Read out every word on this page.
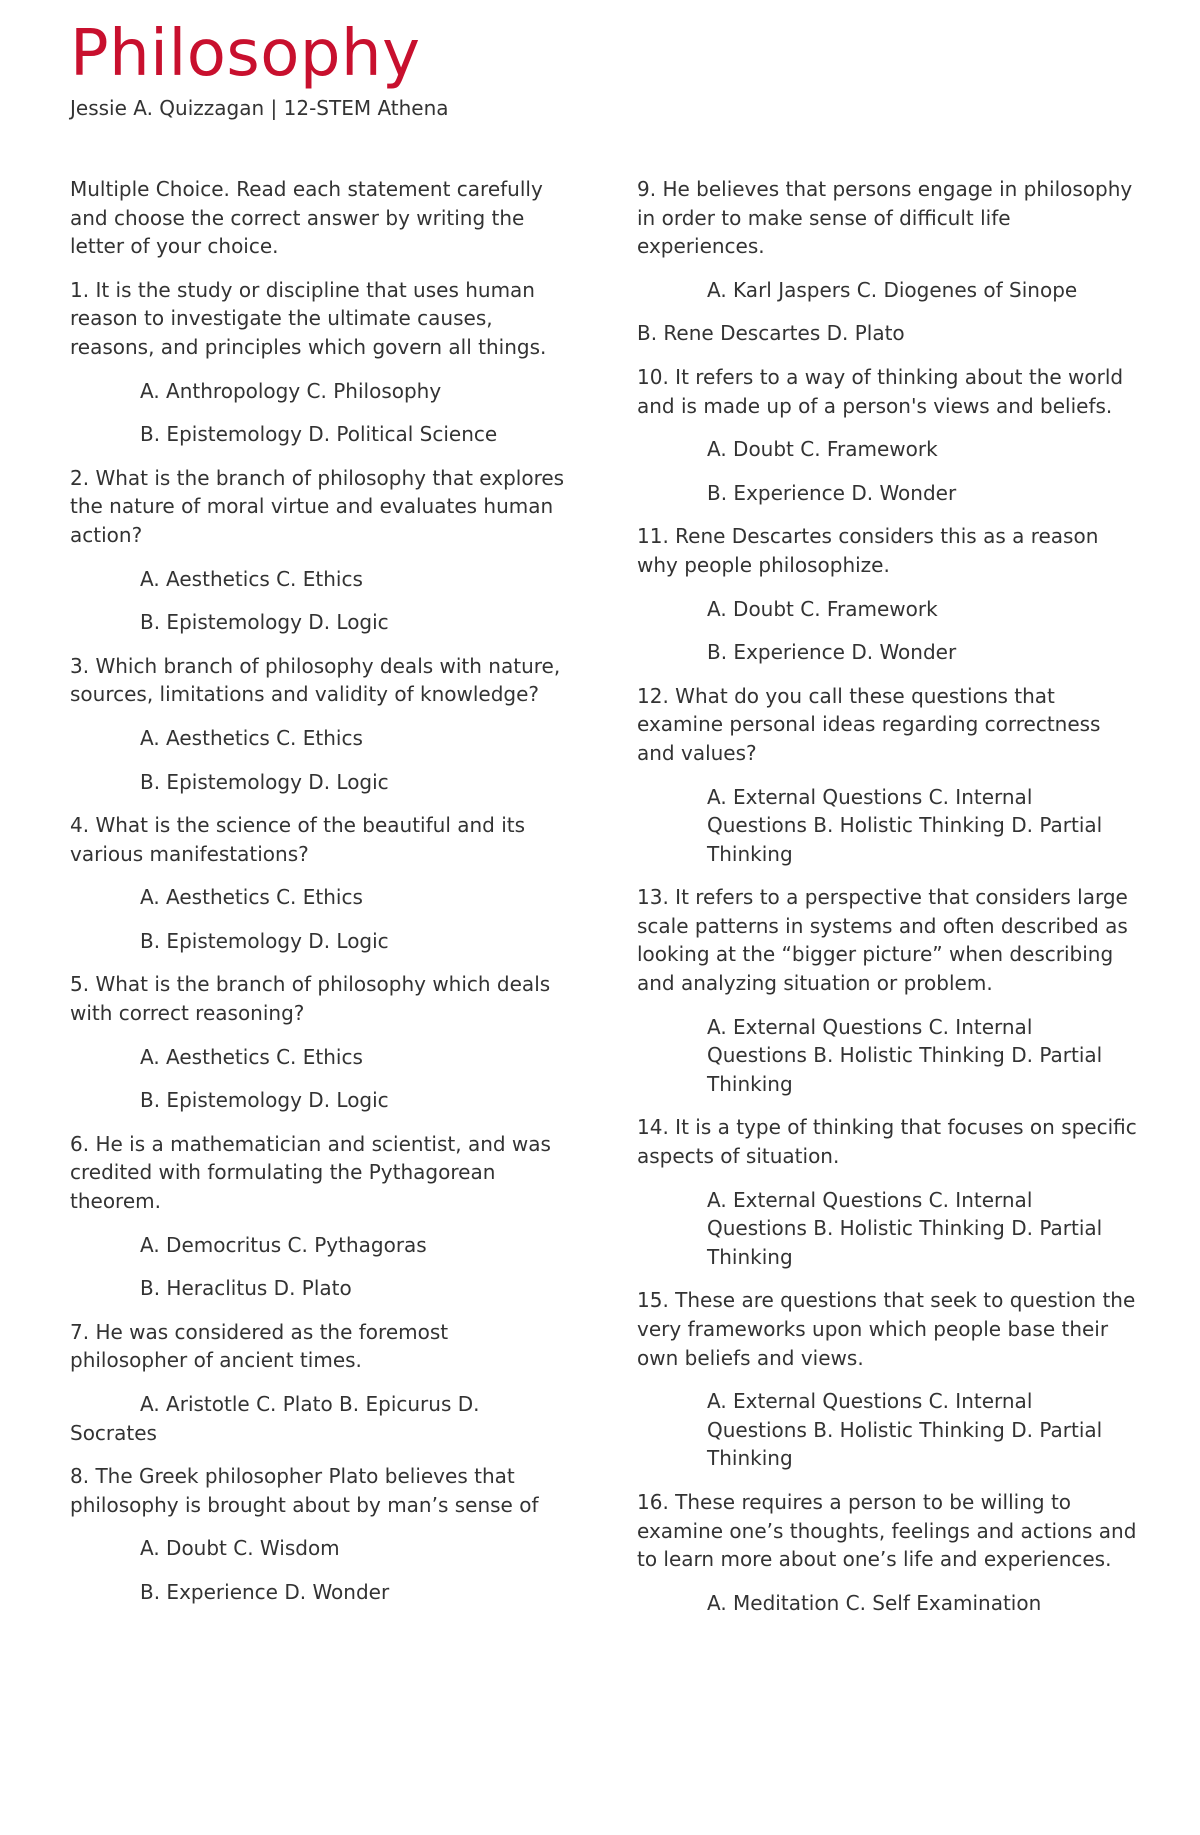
Philosophy
Jessie A. Quizzagan | 12-STEM Athena

Multiple Choice. Read each statement carefully and choose the correct answer by writing the letter of your choice.

1. It is the study or discipline that uses human reason to investigate the ultimate causes, reasons, and principles which govern all things.

A. Anthropology C. Philosophy

B. Epistemology D. Political Science

2. What is the branch of philosophy that explores the nature of moral virtue and evaluates human action?

A. Aesthetics C. Ethics

B. Epistemology D. Logic

3. Which branch of philosophy deals with nature, sources, limitations and validity of knowledge?

A. Aesthetics C. Ethics

B. Epistemology D. Logic

4. What is the science of the beautiful and its various manifestations?

A. Aesthetics C. Ethics

B. Epistemology D. Logic

5. What is the branch of philosophy which deals with correct reasoning?

A. Aesthetics C. Ethics

B. Epistemology D. Logic

6. He is a mathematician and scientist, and was credited with formulating the Pythagorean theorem.

A. Democritus C. Pythagoras

B. Heraclitus D. Plato

7. He was considered as the foremost philosopher of ancient times.

A. Aristotle C. Plato B. Epicurus D. Socrates

8. The Greek philosopher Plato believes that philosophy is brought about by man’s sense of

A. Doubt C. Wisdom

B. Experience D. Wonder

9. He believes that persons engage in philosophy in order to make sense of difficult life experiences.

A. Karl Jaspers C. Diogenes of Sinope

B. Rene Descartes D. Plato

10. It refers to a way of thinking about the world and is made up of a person's views and beliefs.

A. Doubt C. Framework

B. Experience D. Wonder

11. Rene Descartes considers this as a reason why people philosophize.

A. Doubt C. Framework

B. Experience D. Wonder

12. What do you call these questions that examine personal ideas regarding correctness and values?

A. External Questions C. Internal Questions B. Holistic Thinking D. Partial Thinking

13. It refers to a perspective that considers large scale patterns in systems and often described as looking at the “bigger picture” when describing and analyzing situation or problem.

A. External Questions C. Internal Questions B. Holistic Thinking D. Partial Thinking

14. It is a type of thinking that focuses on specific aspects of situation.

A. External Questions C. Internal Questions B. Holistic Thinking D. Partial Thinking

15. These are questions that seek to question the very frameworks upon which people base their own beliefs and views.

A. External Questions C. Internal Questions B. Holistic Thinking D. Partial Thinking

16. These requires a person to be willing to examine one’s thoughts, feelings and actions and to learn more about one’s life and experiences.

A. Meditation C. Self Examination
